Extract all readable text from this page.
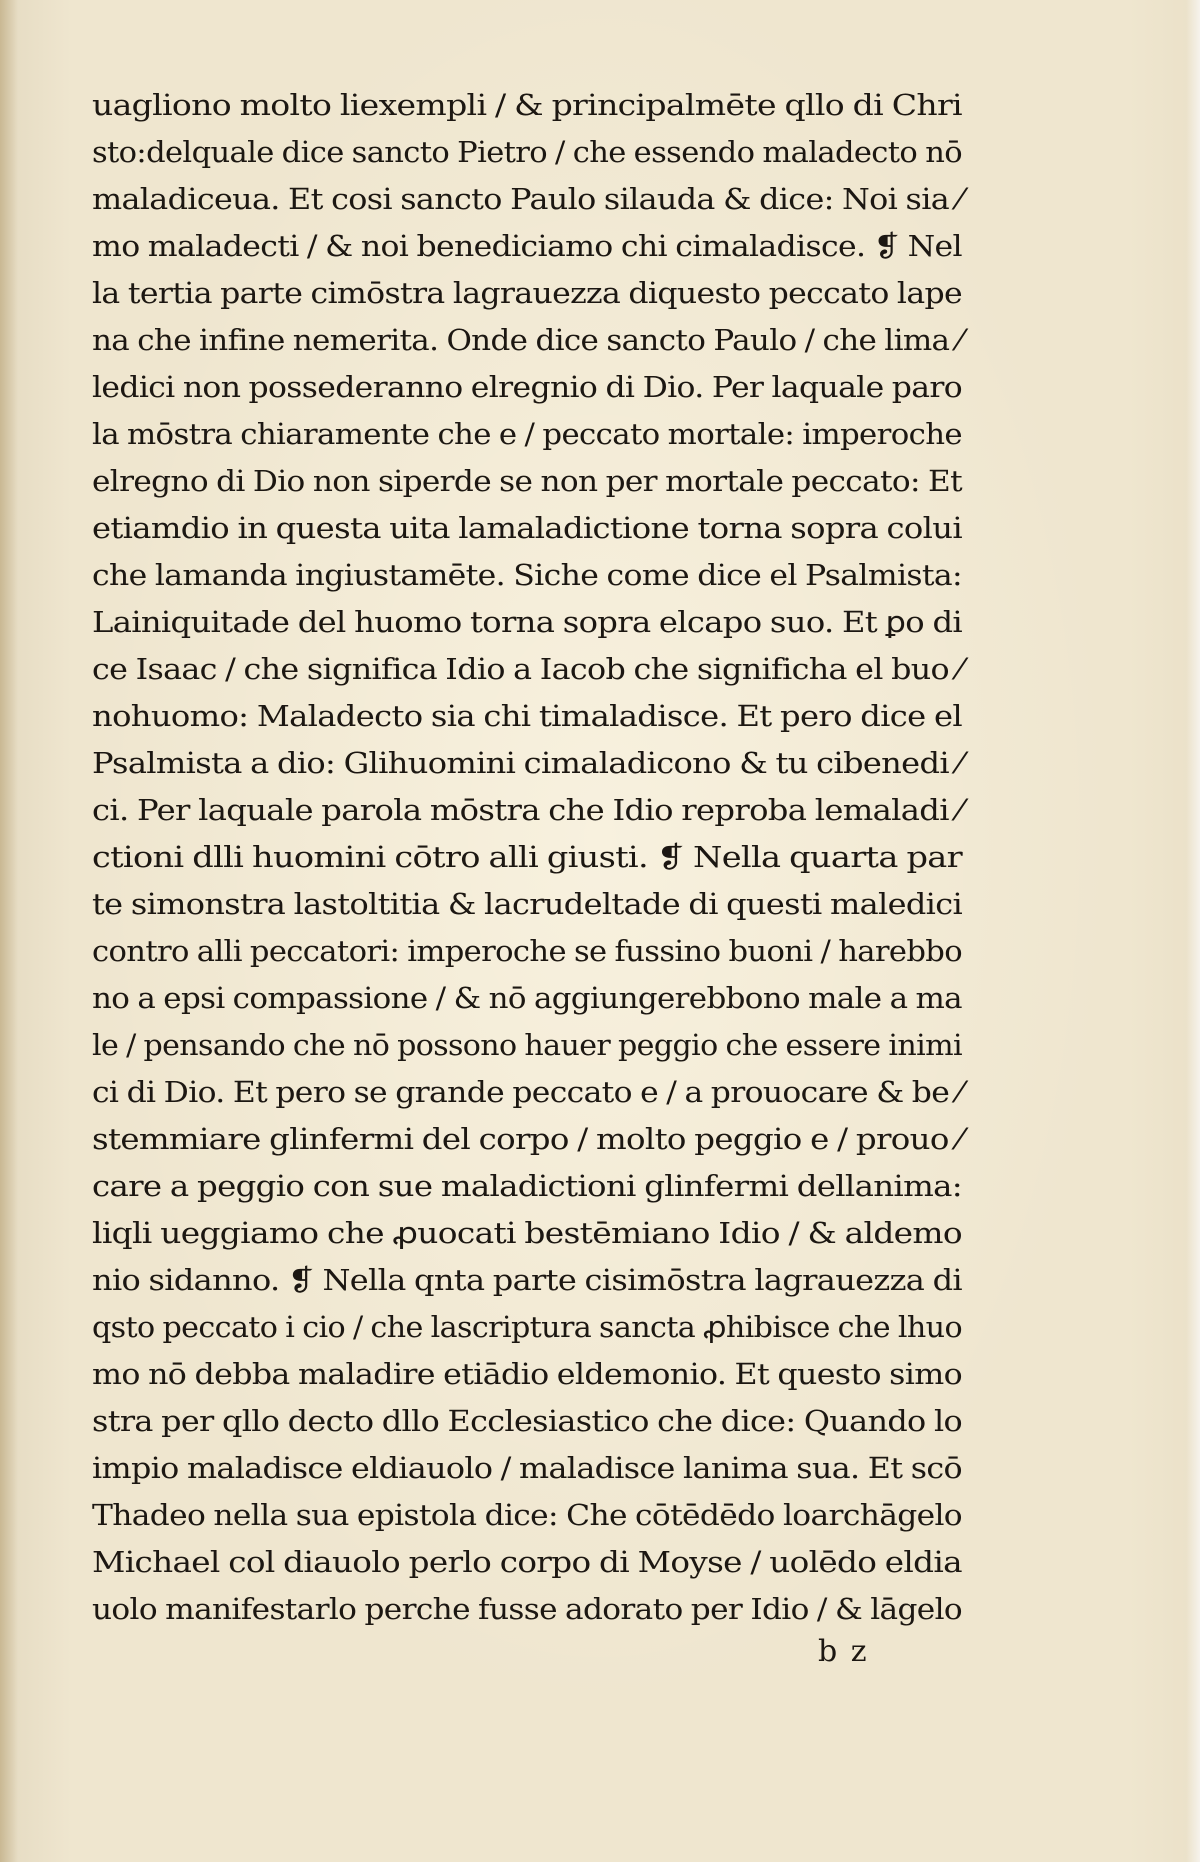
uagliono molto liexempli / & principalmēte qllo di Chri
sto:delquale dice sancto Pietro / che essendo maladecto nō
maladiceua. Et cosi sancto Paulo silauda & dice: Noi sia ⁄
mo maladecti / & noi benediciamo chi cimaladisce. ❡ Nel
la tertia parte cimōstra lagrauezza diquesto peccato lape
na che infine nemerita. Onde dice sancto Paulo / che lima ⁄
ledici non possederanno elregnio di Dio. Per laquale paro
la mōstra chiaramente che e / peccato mortale: imperoche
elregno di Dio non siperde se non per mortale peccato: Et
etiamdio in questa uita lamaladictione torna sopra colui
che lamanda ingiustamēte. Siche come dice el Psalmista:
Lainiquitade del huomo torna sopra elcapo suo. Et ꝑo di
ce Isaac / che significa Idio a Iacob che significha el buo ⁄
nohuomo: Maladecto sia chi timaladisce. Et pero dice el
Psalmista a dio: Glihuomini cimaladicono & tu cibenedi ⁄
ci. Per laquale parola mōstra che Idio reproba lemaladi ⁄
ctioni dlli huomini cōtro alli giusti. ❡ Nella quarta par
te simonstra lastoltitia & lacrudeltade di questi maledici
contro alli peccatori: imperoche se fussino buoni / harebbo
no a epsi compassione / & nō aggiungerebbono male a ma
le / pensando che nō possono hauer peggio che essere inimi
ci di Dio. Et pero se grande peccato e / a prouocare & be ⁄
stemmiare glinfermi del corpo / molto peggio e / prouo ⁄
care a peggio con sue maladictioni glinfermi dellanima:
liqli ueggiamo che ꝓuocati bestēmiano Idio / & aldemo
nio sidanno. ❡ Nella qnta parte cisimōstra lagrauezza di
qsto peccato i cio / che lascriptura sancta ꝓhibisce che lhuo
mo nō debba maladire etiādio eldemonio. Et questo simo
stra per qllo decto dllo Ecclesiastico che dice: Quando lo
impio maladisce eldiauolo / maladisce lanima sua. Et scō
Thadeo nella sua epistola dice: Che cōtēdēdo loarchāgelo
Michael col diauolo perlo corpo di Moyse / uolēdo eldia
uolo manifestarlo perche fusse adorato per Idio / & lāgelo
b z
